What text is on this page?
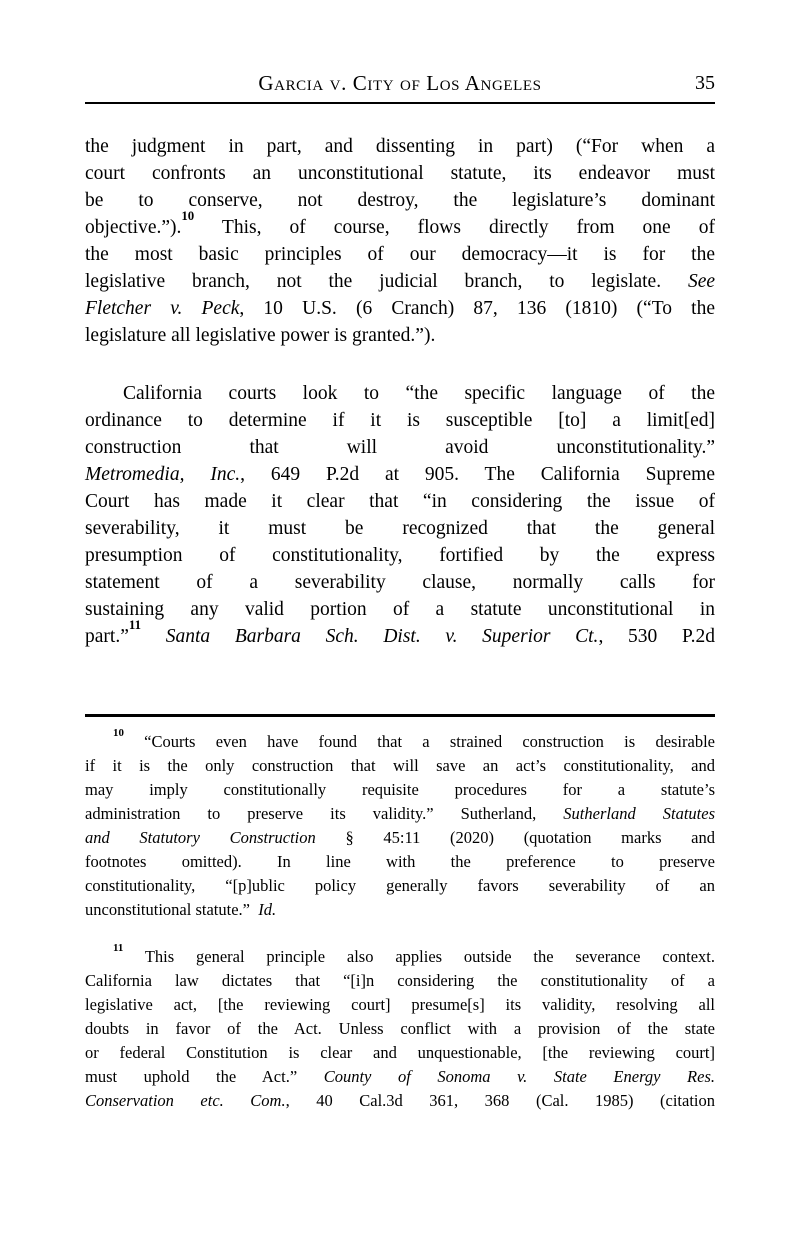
Garcia v. City of Los Angeles	35
the judgment in part, and dissenting in part) (“For when a
court confronts an unconstitutional statute, its endeavor must
be to conserve, not destroy, the legislature’s dominant
objective.”).$^{10}$ This, of course, flows directly from one of
the most basic principles of our democracy—it is for the
legislative branch, not the judicial branch, to legislate. See
Fletcher v. Peck, 10 U.S. (6 Cranch) 87, 136 (1810) (“To the
legislature all legislative power is granted.”).
California courts look to “the specific language of the
ordinance to determine if it is susceptible [to] a limit[ed]
construction that will avoid unconstitutionality.”
Metromedia, Inc., 649 P.2d at 905. The California Supreme
Court has made it clear that “in considering the issue of
severability, it must be recognized that the general
presumption of constitutionality, fortified by the express
statement of a severability clause, normally calls for
sustaining any valid portion of a statute unconstitutional in
part.”$^{11}$ Santa Barbara Sch. Dist. v. Superior Ct., 530 P.2d
$^{10}$ “Courts even have found that a strained construction is desirable
if it is the only construction that will save an act’s constitutionality, and
may imply constitutionally requisite procedures for a statute’s
administration to preserve its validity.” Sutherland, Sutherland Statutes
and Statutory Construction § 45:11 (2020) (quotation marks and
footnotes omitted). In line with the preference to preserve
constitutionality, “[p]ublic policy generally favors severability of an
unconstitutional statute.”  Id.
$^{11}$ This general principle also applies outside the severance context.
California law dictates that “[i]n considering the constitutionality of a
legislative act, [the reviewing court] presume[s] its validity, resolving all
doubts in favor of the Act. Unless conflict with a provision of the state
or federal Constitution is clear and unquestionable, [the reviewing court]
must uphold the Act.” County of Sonoma v. State Energy Res.
Conservation etc. Com., 40 Cal.3d 361, 368 (Cal. 1985) (citation
